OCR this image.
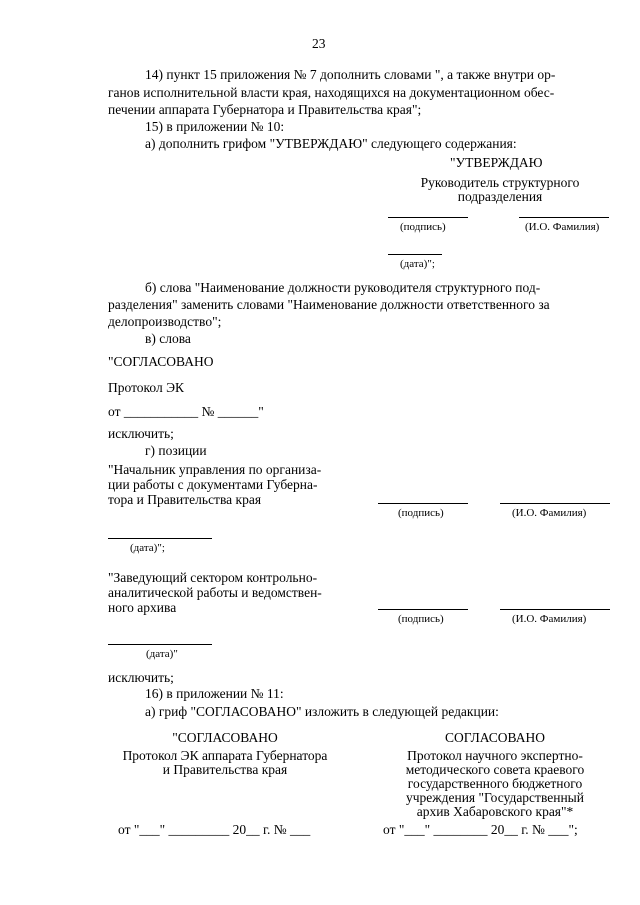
23
14) пункт 15 приложения № 7 дополнить словами ", а также внутри ор-
ганов исполнительной власти края, находящихся на документационном обес-
печении аппарата Губернатора и Правительства края";
15) в приложении № 10:
а) дополнить грифом "УТВЕРЖДАЮ" следующего содержания:
"УТВЕРЖДАЮ
Руководитель структурного
подразделения
(подпись)	(И.О. Фамилия)
(дата)";
б) слова "Наименование должности руководителя структурного под-
разделения" заменить словами "Наименование должности ответственного за
делопроизводство";
в) слова
"СОГЛАСОВАНО
Протокол ЭК
от ___________ № ______"
исключить;
г) позиции
"Начальник управления по организа-
ции работы с документами Губерна-
тора и Правительства края
(подпись)	(И.О. Фамилия)
(дата)";
"Заведующий сектором контрольно-
аналитической работы и ведомствен-
ного архива
(подпись)	(И.О. Фамилия)
(дата)"
исключить;
16) в приложении № 11:
а) гриф "СОГЛАСОВАНО" изложить в следующей редакции:
"СОГЛАСОВАНО
Протокол ЭК аппарата Губернатора
и Правительства края
от "___" _________ 20__ г. № ___
СОГЛАСОВАНО
Протокол научного экспертно-
методического совета краевого
государственного бюджетного
учреждения "Государственный
архив Хабаровского края"*
от "___" ________ 20__ г. № ___";
